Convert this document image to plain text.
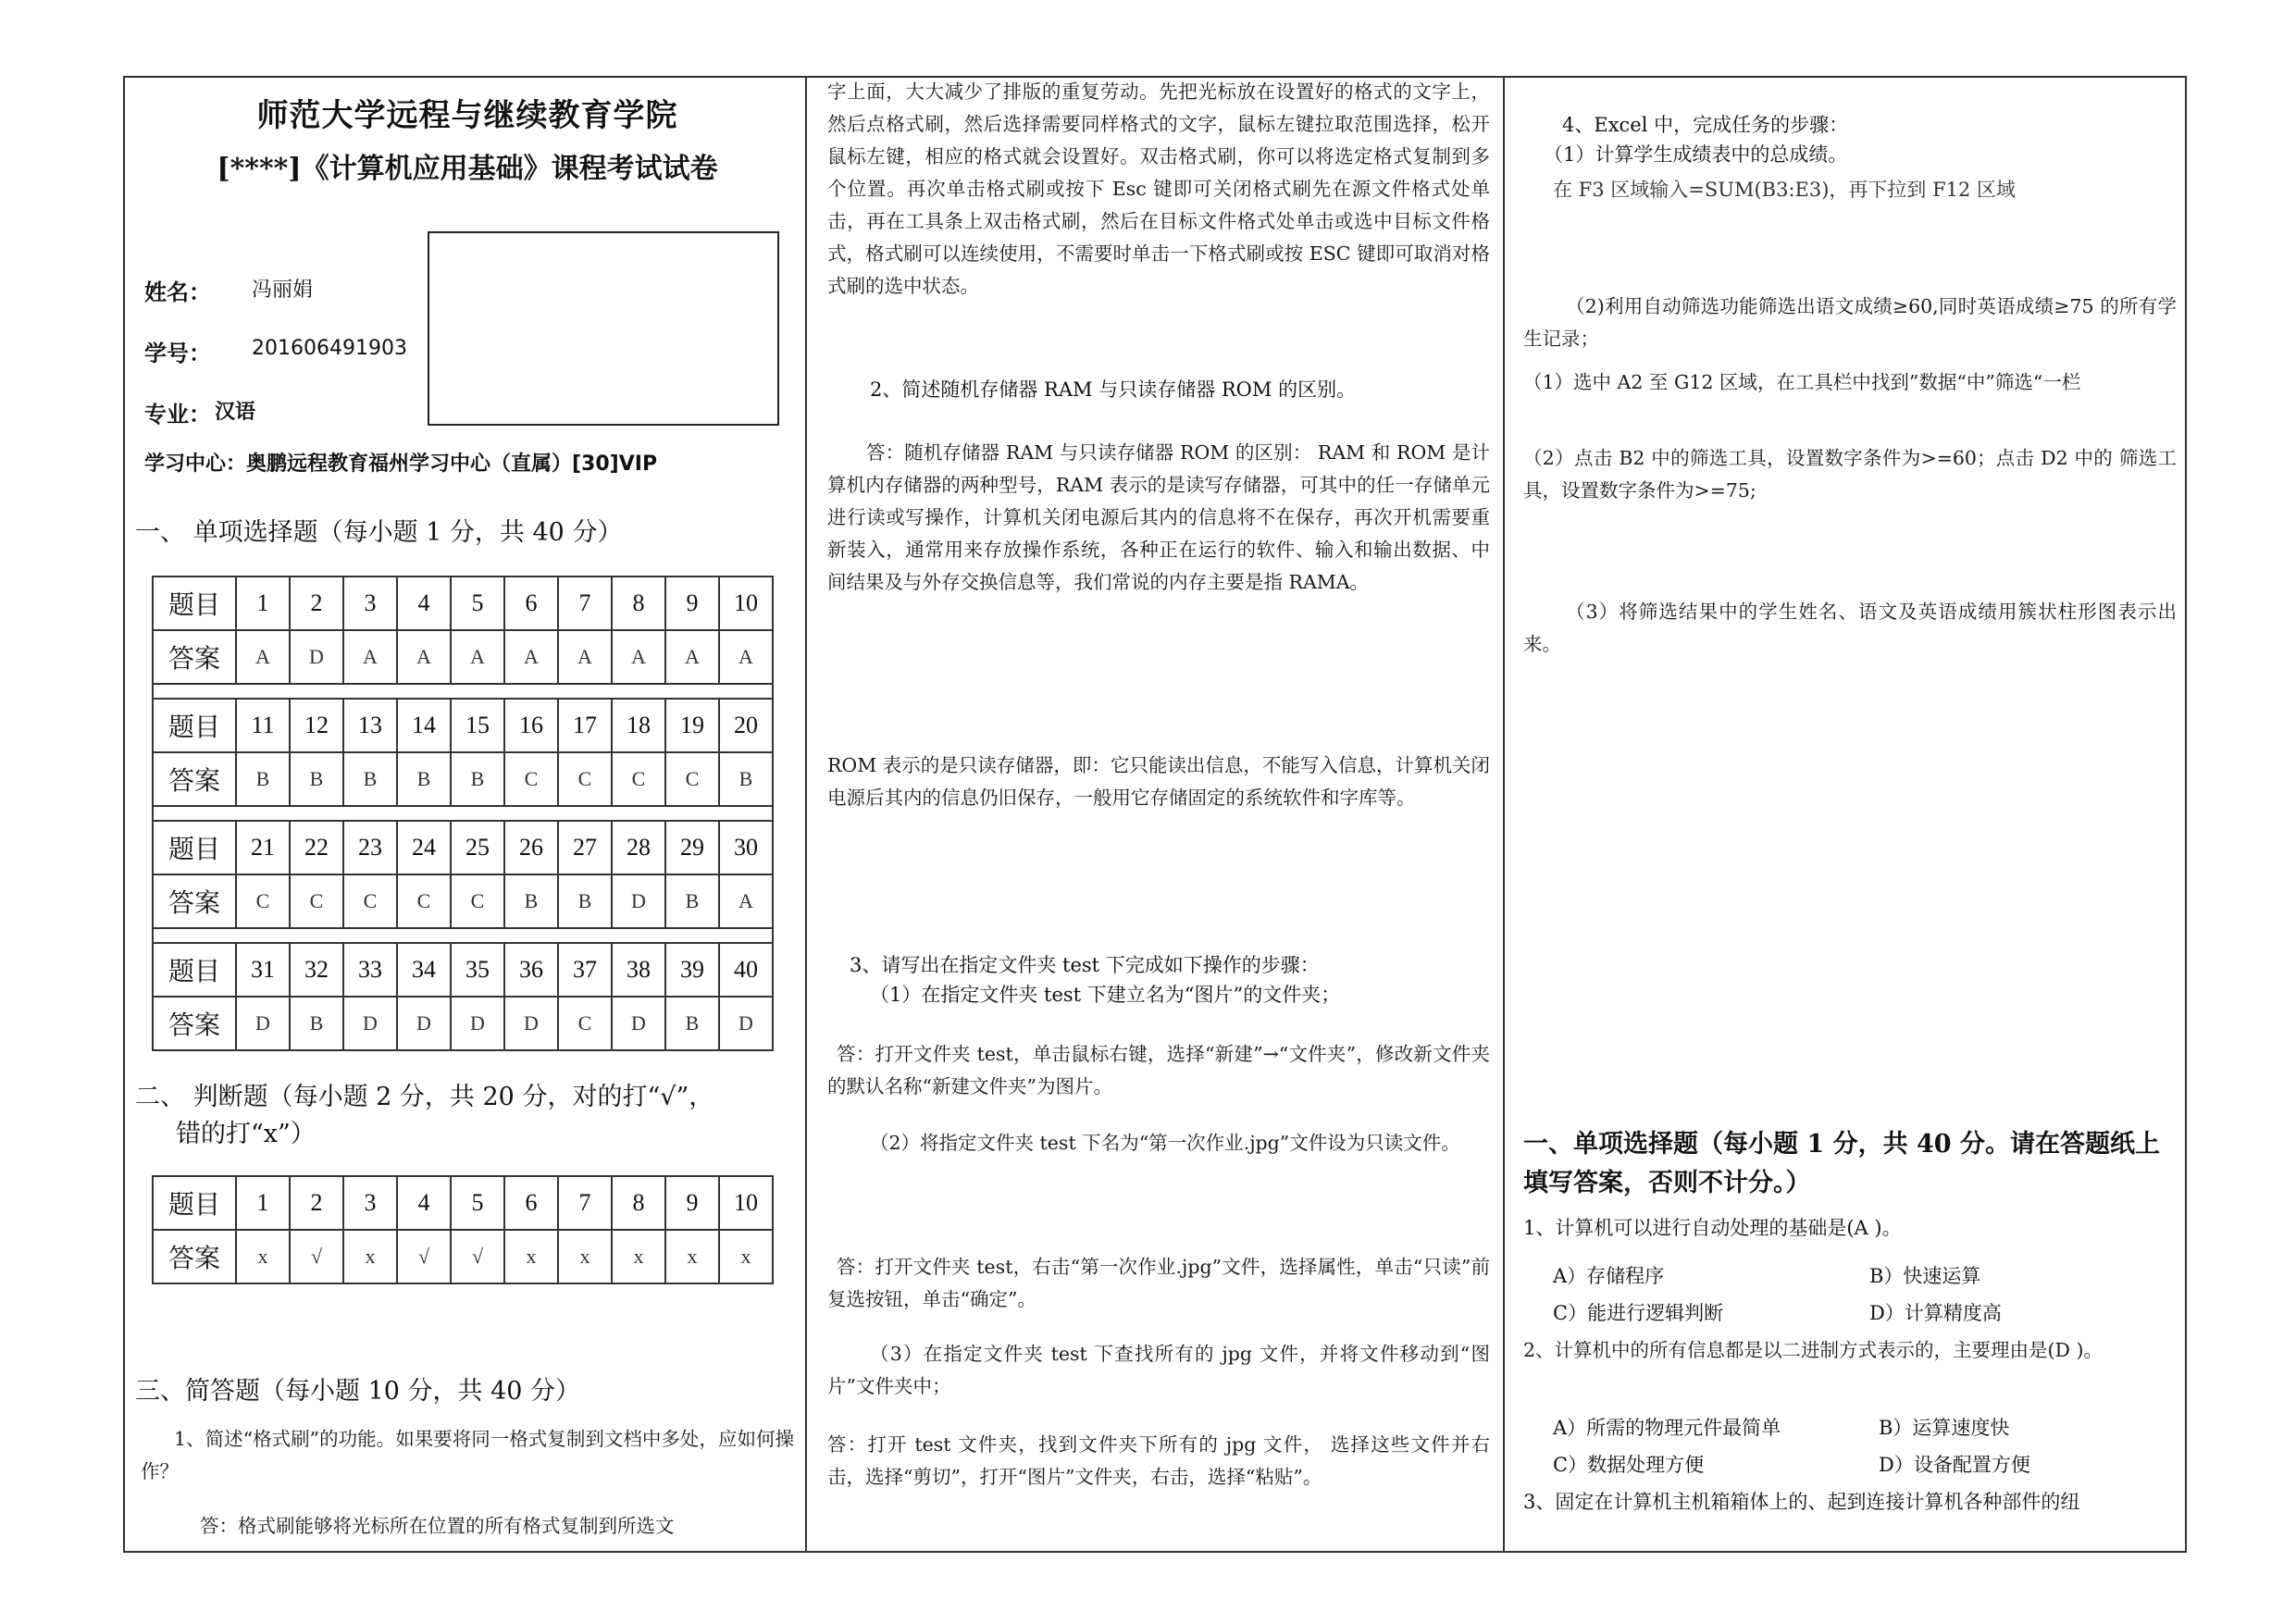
师范大学远程与继续教育学院
[****]《计算机应用基础》课程考试试卷
姓名： 冯丽娟
学号： 201606491903
专业： 汉语
学习中心：奥鹏远程教育福州学习中心（直属）[30]VIP
一、 单项选择题（每小题 1 分，共 40 分）
题目	1	2	3	4	5	6	7	8	9	10
答案	A	D	A	A	A	A	A	A	A	A

题目	11	12	13	14	15	16	17	18	19	20
答案	B	B	B	B	B	C	C	C	C	B

题目	21	22	23	24	25	26	27	28	29	30
答案	C	C	C	C	C	B	B	D	B	A

题目	31	32	33	34	35	36	37	38	39	40
答案	D	B	D	D	D	D	C	D	B	D
二、 判断题（每小题 2 分，共 20 分，对的打“√”，
错的打“x”）
题目	1	2	3	4	5	6	7	8	9	10
答案	x	√	x	√	√	x	x	x	x	x
三、简答题（每小题 10 分，共 40 分）
1、简述“格式刷”的功能。如果要将同一格式复制到文档中多处，应如何操作？
答：格式刷能够将光标所在位置的所有格式复制到所选文
字上面，大大减少了排版的重复劳动。先把光标放在设置好的格式的文字上，然后点格式刷，然后选择需要同样格式的文字，鼠标左键拉取范围选择，松开鼠标左键，相应的格式就会设置好。双击格式刷，你可以将选定格式复制到多个位置。再次单击格式刷或按下 Esc 键即可关闭格式刷先在源文件格式处单击，再在工具条上双击格式刷，然后在目标文件格式处单击或选中目标文件格式，格式刷可以连续使用，不需要时单击一下格式刷或按 ESC 键即可取消对格式刷的选中状态。
2、简述随机存储器 RAM 与只读存储器 ROM 的区别。
答：随机存储器 RAM 与只读存储器 ROM 的区别： RAM 和 ROM 是计算机内存储器的两种型号，RAM 表示的是读写存储器，可其中的任一存储单元进行读或写操作，计算机关闭电源后其内的信息将不在保存，再次开机需要重新装入，通常用来存放操作系统，各种正在运行的软件、输入和输出数据、中间结果及与外存交换信息等，我们常说的内存主要是指 RAMA。
ROM 表示的是只读存储器，即：它只能读出信息，不能写入信息，计算机关闭电源后其内的信息仍旧保存，一般用它存储固定的系统软件和字库等。
3、请写出在指定文件夹 test 下完成如下操作的步骤：
（1）在指定文件夹 test 下建立名为“图片”的文件夹；
答：打开文件夹 test，单击鼠标右键，选择“新建”→“文件夹”，修改新文件夹的默认名称“新建文件夹”为图片。
（2）将指定文件夹 test 下名为“第一次作业.jpg”文件设为只读文件。
答：打开文件夹 test，右击“第一次作业.jpg”文件，选择属性，单击“只读”前复选按钮，单击“确定”。
（3）在指定文件夹 test 下查找所有的 jpg 文件，并将文件移动到“图片”文件夹中；
答：打开 test 文件夹，找到文件夹下所有的 jpg 文件， 选择这些文件并右击，选择“剪切”，打开“图片”文件夹，右击，选择“粘贴”。
4、Excel 中，完成任务的步骤：
（1）计算学生成绩表中的总成绩。
在 F3 区域输入=SUM(B3:E3)，再下拉到 F12 区域
（2)利用自动筛选功能筛选出语文成绩≥60,同时英语成绩≥75 的所有学生记录；
（1）选中 A2 至 G12 区域，在工具栏中找到”数据“中”筛选“一栏
（2）点击 B2 中的筛选工具，设置数字条件为>=60；点击 D2 中的 筛选工具，设置数字条件为>=75;
（3）将筛选结果中的学生姓名、语文及英语成绩用簇状柱形图表示出来。
一、单项选择题（每小题 1 分，共 40 分。请在答题纸上填写答案，否则不计分。）
1、计算机可以进行自动处理的基础是(A )。
A）存储程序	B）快速运算
C）能进行逻辑判断	D）计算精度高
2、计算机中的所有信息都是以二进制方式表示的，主要理由是(D )。
A）所需的物理元件最简单	B）运算速度快
C）数据处理方便	D）设备配置方便
3、固定在计算机主机箱箱体上的、起到连接计算机各种部件的纽
